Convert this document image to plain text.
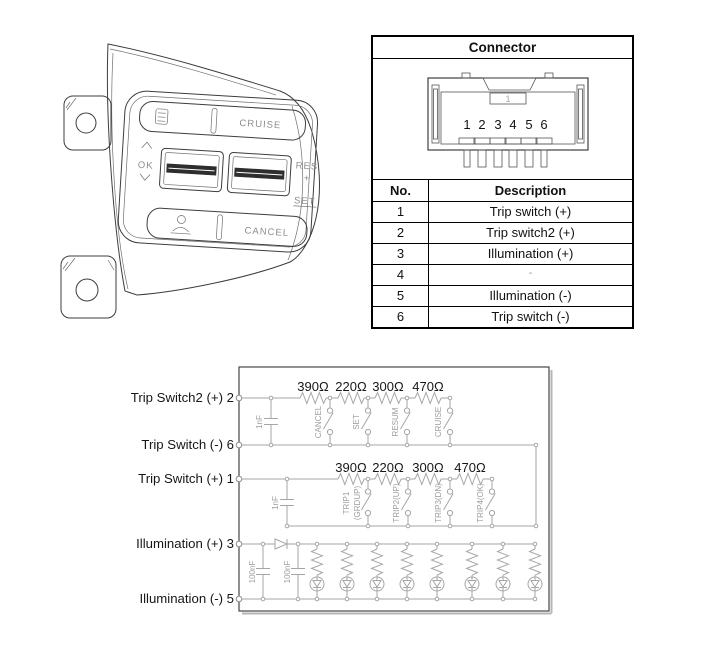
CRUISE
OK	RES
+
SET
CANCEL
Connector
1
1 2 3 4 5 6
No.	Description
1	Trip switch (+)
2	Trip switch2 (+)
3	Illumination (+)
4	-
5	Illumination (-)
6	Trip switch (-)
Trip Switch2 (+) 2
Trip Switch (-) 6
Trip Switch (+) 1
Illumination (+) 3
Illumination (-) 5
390Ω 220Ω 300Ω 470Ω
1nF	CANCEL	SET	RESUM	CRUISE
390Ω 220Ω 300Ω 470Ω
1nF	TRIP1 (GRDUP)	TRIP2(UP)	TRIP3(DN)	TRIP4(OK)
100nF	100nF
